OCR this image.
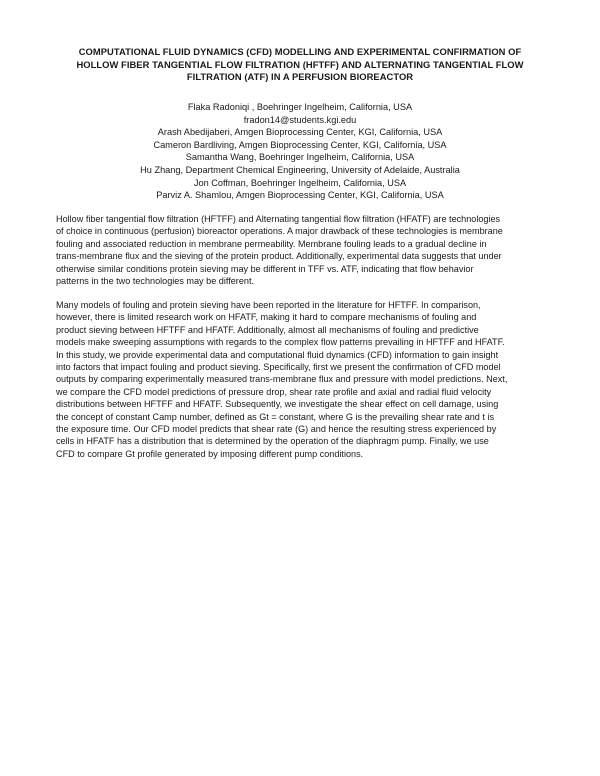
COMPUTATIONAL FLUID DYNAMICS (CFD) MODELLING AND EXPERIMENTAL CONFIRMATION OF
HOLLOW FIBER TANGENTIAL FLOW FILTRATION (HFTFF) AND ALTERNATING TANGENTIAL FLOW
FILTRATION (ATF) IN A PERFUSION BIOREACTOR
Flaka Radoniqi , Boehringer Ingelheim, California, USA
fradon14@students.kgi.edu
Arash Abedijaberi, Amgen Bioprocessing Center, KGI, California, USA
Cameron Bardliving, Amgen Bioprocessing Center, KGI, California, USA
Samantha Wang, Boehringer Ingelheim, California, USA
Hu Zhang, Department Chemical Engineering, University of Adelaide, Australia
Jon Coffman, Boehringer Ingelheim, California, USA
Parviz A. Shamlou, Amgen Bioprocessing Center, KGI, California, USA
Hollow fiber tangential flow filtration (HFTFF) and Alternating tangential flow filtration (HFATF) are technologies
of choice in continuous (perfusion) bioreactor operations. A major drawback of these technologies is membrane
fouling and associated reduction in membrane permeability. Membrane fouling leads to a gradual decline in
trans-membrane flux and the sieving of the protein product. Additionally, experimental data suggests that under
otherwise similar conditions protein sieving may be different in TFF vs. ATF, indicating that flow behavior
patterns in the two technologies may be different.
Many models of fouling and protein sieving have been reported in the literature for HFTFF. In comparison,
however, there is limited research work on HFATF, making it hard to compare mechanisms of fouling and
product sieving between HFTFF and HFATF. Additionally, almost all mechanisms of fouling and predictive
models make sweeping assumptions with regards to the complex flow patterns prevailing in HFTFF and HFATF.
In this study, we provide experimental data and computational fluid dynamics (CFD) information to gain insight
into factors that impact fouling and product sieving. Specifically, first we present the confirmation of CFD model
outputs by comparing experimentally measured trans-membrane flux and pressure with model predictions. Next,
we compare the CFD model predictions of pressure drop, shear rate profile and axial and radial fluid velocity
distributions between HFTFF and HFATF. Subsequently, we investigate the shear effect on cell damage, using
the concept of constant Camp number, defined as Gt = constant, where G is the prevailing shear rate and t is
the exposure time. Our CFD model predicts that shear rate (G) and hence the resulting stress experienced by
cells in HFATF has a distribution that is determined by the operation of the diaphragm pump. Finally, we use
CFD to compare Gt profile generated by imposing different pump conditions.
